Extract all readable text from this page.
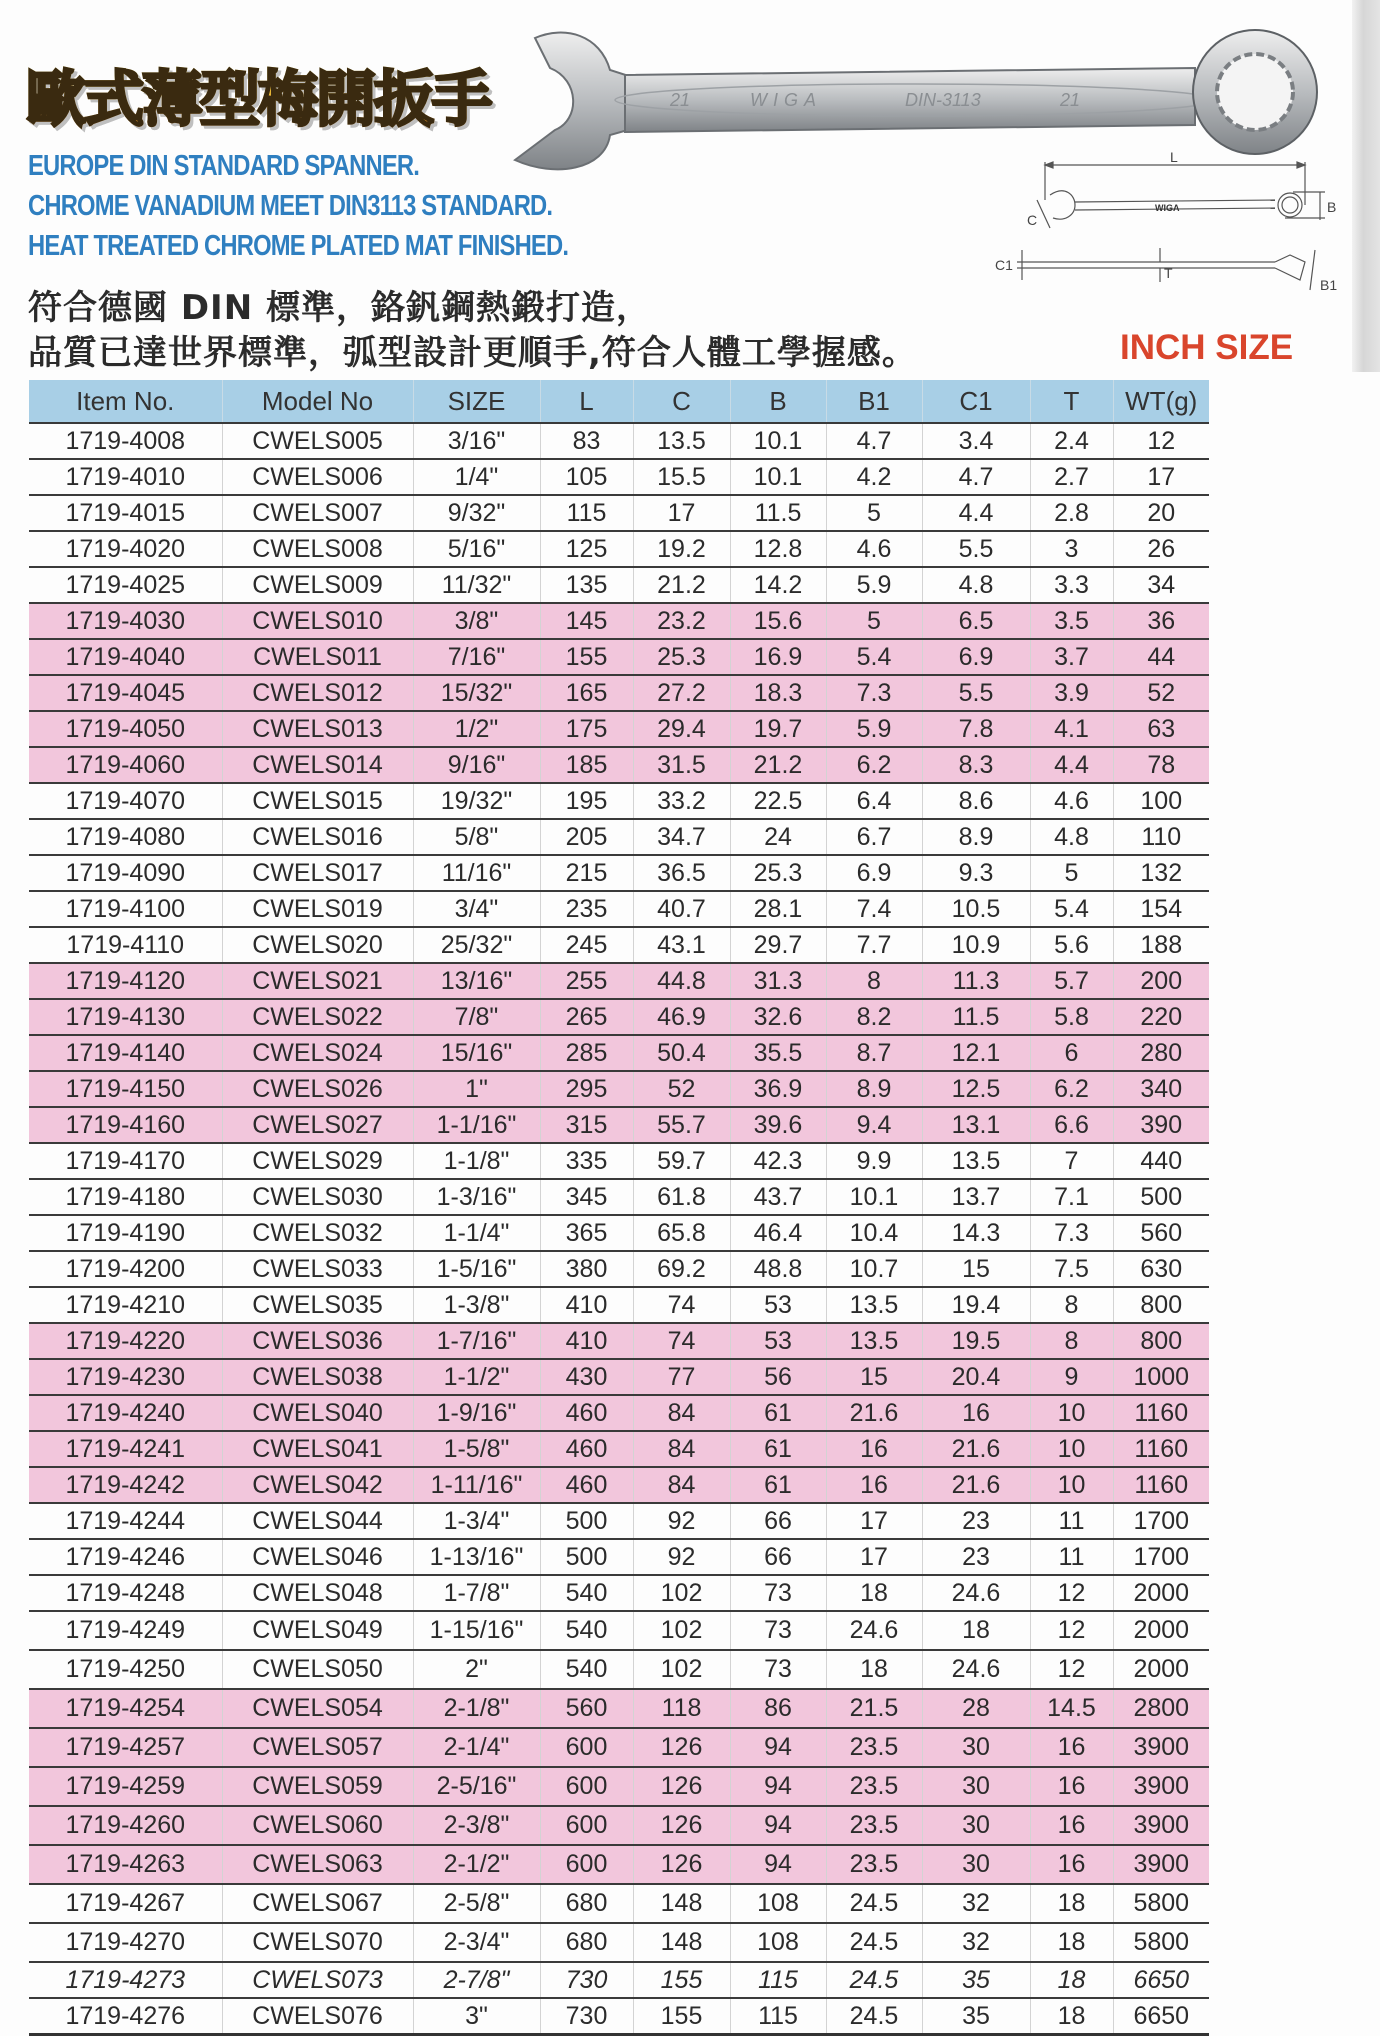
歐式薄型梅開扳手
EUROPE DIN STANDARD SPANNER.
CHROME VANADIUM MEET DIN3113 STANDARD.
HEAT TREATED CHROME PLATED MAT FINISHED.
符合德國 DIN 標準，鉻釩鋼熱鍛打造，
品質已達世界標準，弧型設計更順手,符合人體工學握感。	INCH SIZE
21	WIGA	DIN-3113	21
L
C
B
C1	T
B1
WIGA
Item No.	Model No	SIZE	L	C	B	B1	C1	T	WT(g)
1719-4008	CWELS005	3/16"	83	13.5	10.1	4.7	3.4	2.4	12
1719-4010	CWELS006	1/4"	105	15.5	10.1	4.2	4.7	2.7	17
1719-4015	CWELS007	9/32"	115	17	11.5	5	4.4	2.8	20
1719-4020	CWELS008	5/16"	125	19.2	12.8	4.6	5.5	3	26
1719-4025	CWELS009	11/32"	135	21.2	14.2	5.9	4.8	3.3	34
1719-4030	CWELS010	3/8"	145	23.2	15.6	5	6.5	3.5	36
1719-4040	CWELS011	7/16"	155	25.3	16.9	5.4	6.9	3.7	44
1719-4045	CWELS012	15/32"	165	27.2	18.3	7.3	5.5	3.9	52
1719-4050	CWELS013	1/2"	175	29.4	19.7	5.9	7.8	4.1	63
1719-4060	CWELS014	9/16"	185	31.5	21.2	6.2	8.3	4.4	78
1719-4070	CWELS015	19/32"	195	33.2	22.5	6.4	8.6	4.6	100
1719-4080	CWELS016	5/8"	205	34.7	24	6.7	8.9	4.8	110
1719-4090	CWELS017	11/16"	215	36.5	25.3	6.9	9.3	5	132
1719-4100	CWELS019	3/4"	235	40.7	28.1	7.4	10.5	5.4	154
1719-4110	CWELS020	25/32"	245	43.1	29.7	7.7	10.9	5.6	188
1719-4120	CWELS021	13/16"	255	44.8	31.3	8	11.3	5.7	200
1719-4130	CWELS022	7/8"	265	46.9	32.6	8.2	11.5	5.8	220
1719-4140	CWELS024	15/16"	285	50.4	35.5	8.7	12.1	6	280
1719-4150	CWELS026	1"	295	52	36.9	8.9	12.5	6.2	340
1719-4160	CWELS027	1-1/16"	315	55.7	39.6	9.4	13.1	6.6	390
1719-4170	CWELS029	1-1/8"	335	59.7	42.3	9.9	13.5	7	440
1719-4180	CWELS030	1-3/16"	345	61.8	43.7	10.1	13.7	7.1	500
1719-4190	CWELS032	1-1/4"	365	65.8	46.4	10.4	14.3	7.3	560
1719-4200	CWELS033	1-5/16"	380	69.2	48.8	10.7	15	7.5	630
1719-4210	CWELS035	1-3/8"	410	74	53	13.5	19.4	8	800
1719-4220	CWELS036	1-7/16"	410	74	53	13.5	19.5	8	800
1719-4230	CWELS038	1-1/2"	430	77	56	15	20.4	9	1000
1719-4240	CWELS040	1-9/16"	460	84	61	21.6	16	10	1160
1719-4241	CWELS041	1-5/8"	460	84	61	16	21.6	10	1160
1719-4242	CWELS042	1-11/16"	460	84	61	16	21.6	10	1160
1719-4244	CWELS044	1-3/4"	500	92	66	17	23	11	1700
1719-4246	CWELS046	1-13/16"	500	92	66	17	23	11	1700
1719-4248	CWELS048	1-7/8"	540	102	73	18	24.6	12	2000
1719-4249	CWELS049	1-15/16"	540	102	73	24.6	18	12	2000
1719-4250	CWELS050	2"	540	102	73	18	24.6	12	2000
1719-4254	CWELS054	2-1/8"	560	118	86	21.5	28	14.5	2800
1719-4257	CWELS057	2-1/4"	600	126	94	23.5	30	16	3900
1719-4259	CWELS059	2-5/16"	600	126	94	23.5	30	16	3900
1719-4260	CWELS060	2-3/8"	600	126	94	23.5	30	16	3900
1719-4263	CWELS063	2-1/2"	600	126	94	23.5	30	16	3900
1719-4267	CWELS067	2-5/8"	680	148	108	24.5	32	18	5800
1719-4270	CWELS070	2-3/4"	680	148	108	24.5	32	18	5800
1719-4273	CWELS073	2-7/8"	730	155	115	24.5	35	18	6650
1719-4276	CWELS076	3"	730	155	115	24.5	35	18	6650
